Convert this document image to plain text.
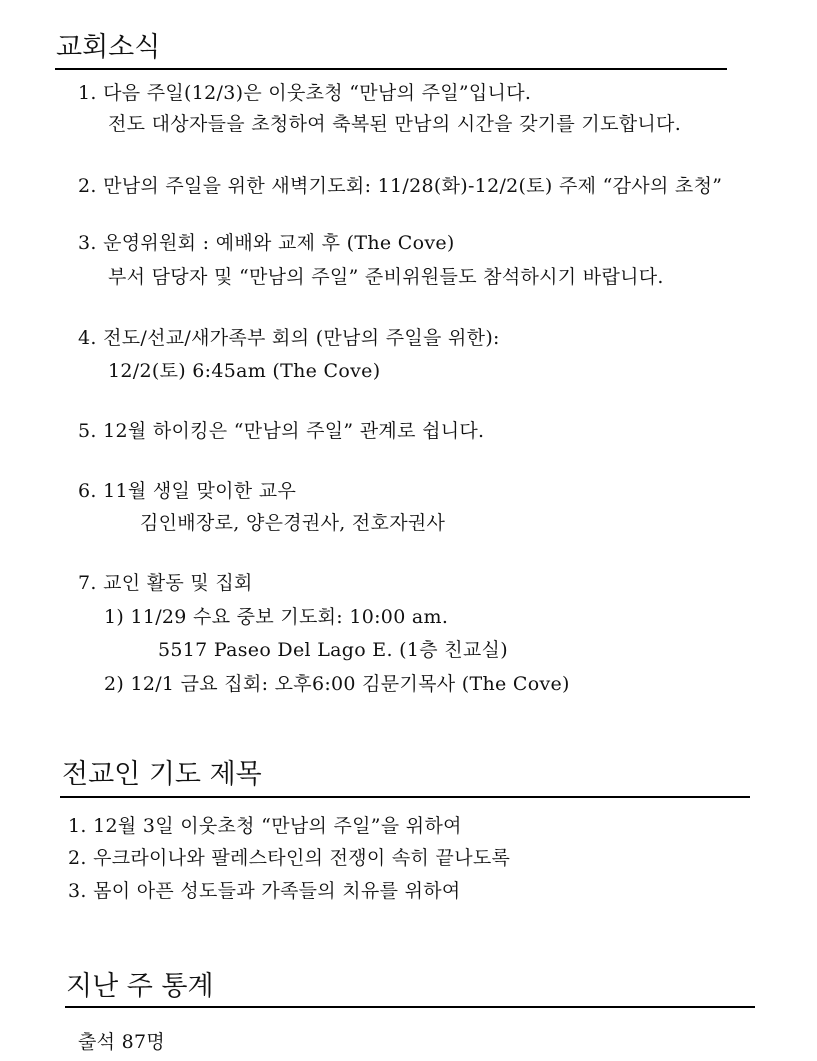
교회소식
1. 다음 주일(12/3)은 이웃초청 “만남의 주일”입니다.
전도 대상자들을 초청하여 축복된 만남의 시간을 갖기를 기도합니다.
2. 만남의 주일을 위한 새벽기도회: 11/28(화)-12/2(토) 주제 “감사의 초청”
3. 운영위원회 : 예배와 교제 후 (The Cove)
부서 담당자 및 “만남의 주일” 준비위원들도 참석하시기 바랍니다.
4. 전도/선교/새가족부 회의 (만남의 주일을 위한):
12/2(토) 6:45am (The Cove)
5. 12월 하이킹은 “만남의 주일” 관계로 쉽니다.
6. 11월 생일 맞이한 교우
김인배장로, 양은경권사, 전호자권사
7. 교인 활동 및 집회
1) 11/29 수요 중보 기도회: 10:00 am.
5517 Paseo Del Lago E. (1층 친교실)
2) 12/1 금요 집회: 오후6:00 김문기목사 (The Cove)
전교인 기도 제목
1. 12월 3일 이웃초청 “만남의 주일”을 위하여
2. 우크라이나와 팔레스타인의 전쟁이 속히 끝나도록
3. 몸이 아픈 성도들과 가족들의 치유를 위하여
지난 주 통계
출석 87명
